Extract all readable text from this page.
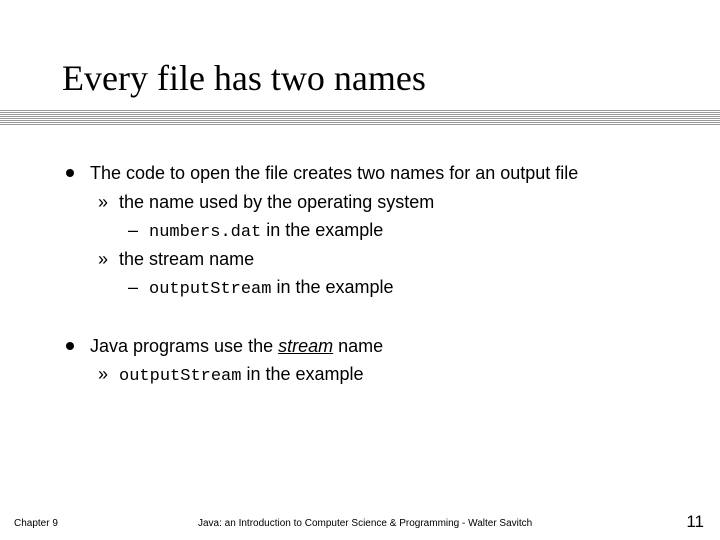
Every file has two names
The code to open the file creates two names for an output file
» the name used by the operating system
– numbers.dat in the example
» the stream name
– outputStream in the example
Java programs use the stream name
» outputStream in the example
Chapter 9	Java: an Introduction to Computer Science & Programming - Walter Savitch	11
